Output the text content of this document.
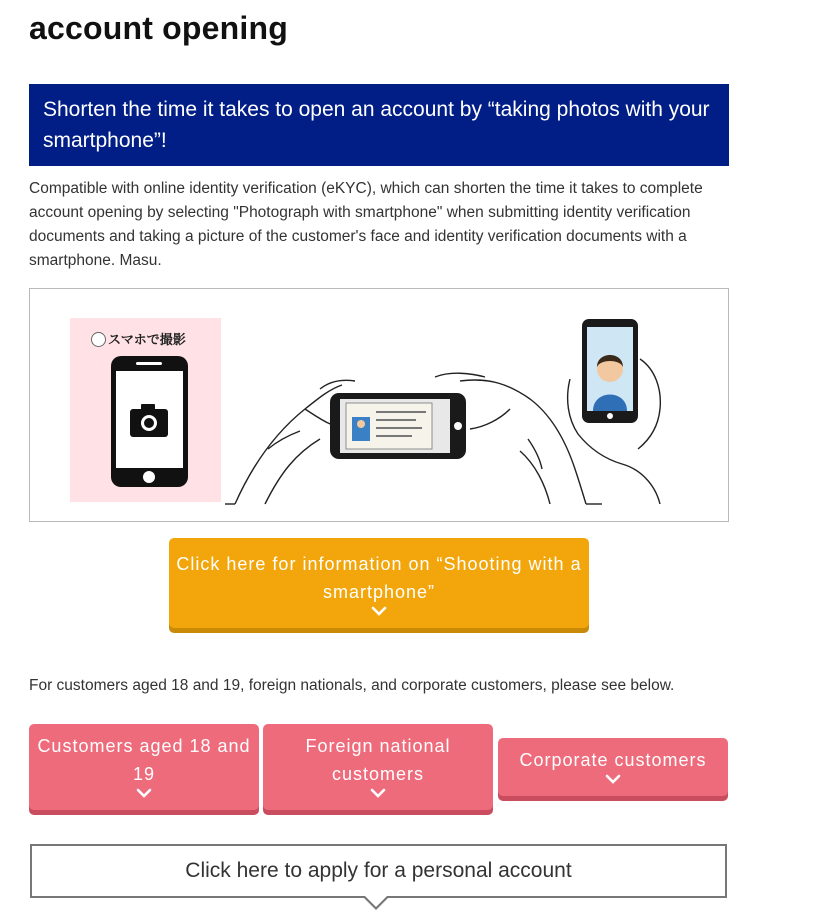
account opening
Shorten the time it takes to open an account by “taking photos with your smartphone”!

Compatible with online identity verification (eKYC), which can shorten the time it takes to complete account opening by selecting "Photograph with smartphone" when submitting identity verification documents and taking a picture of the customer's face and identity verification documents with a smartphone. Masu.

スマホで撮影
Click here for information on “Shooting with a smartphone”

For customers aged 18 and 19, foreign nationals, and corporate customers, please see below.

Customers aged 18 and 19
Foreign national customers
Corporate customers
Click here to apply for a personal account
